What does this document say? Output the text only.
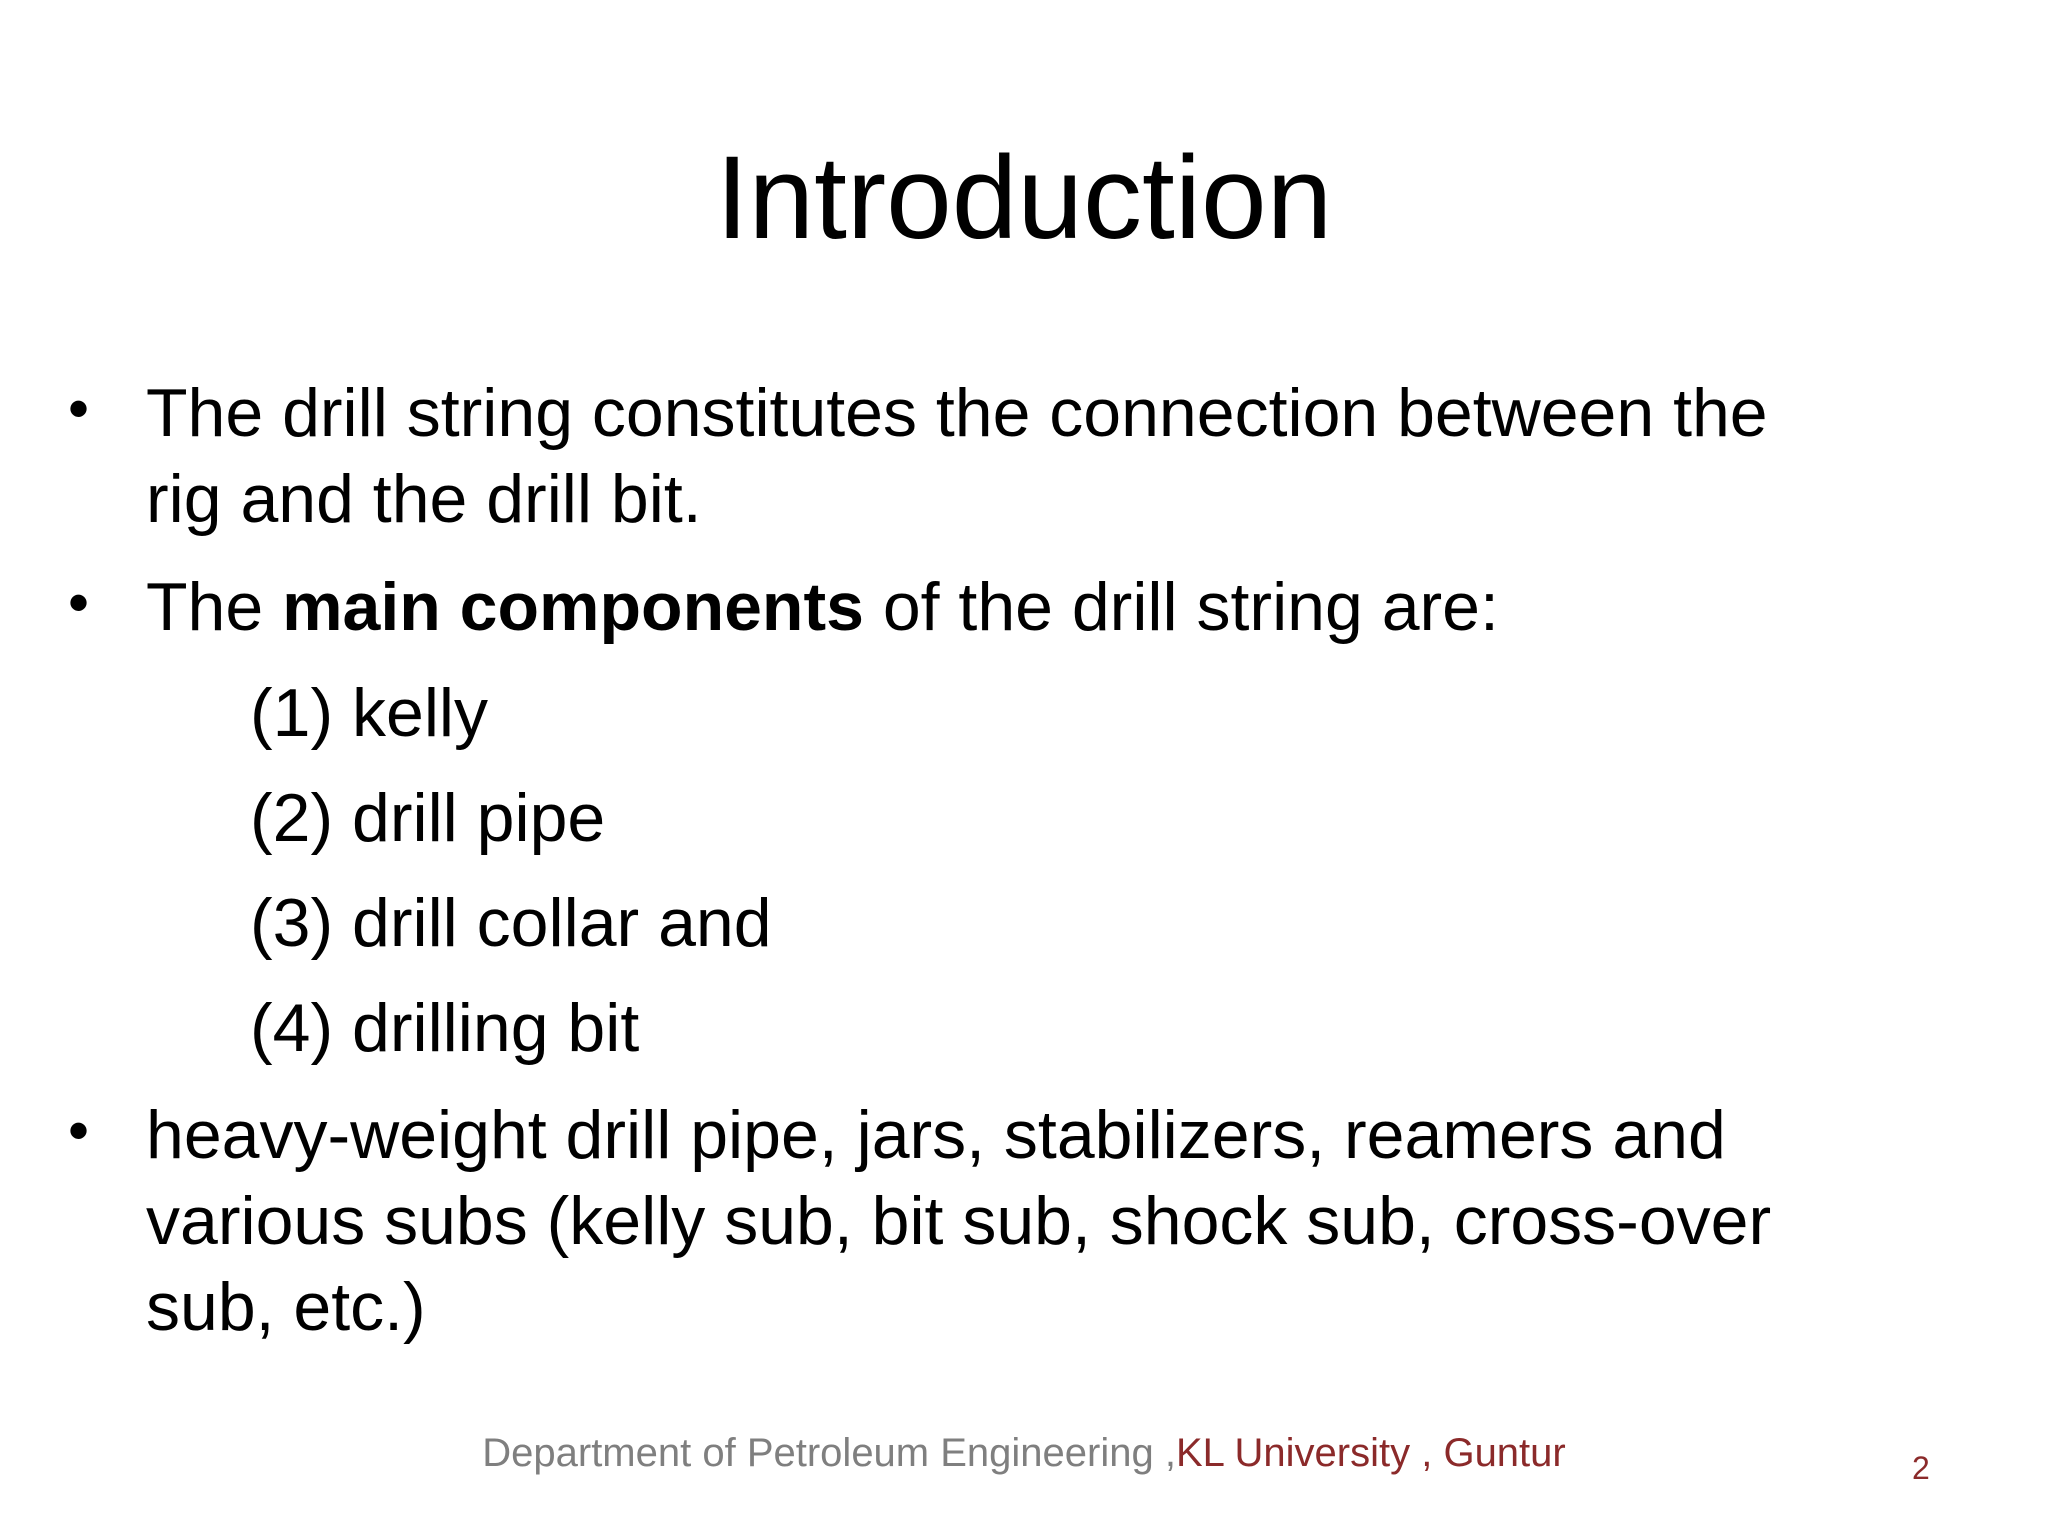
Introduction
• The drill string constitutes the connection between the
rig and the drill bit.
• The main components of the drill string are:
(1) kelly
(2) drill pipe
(3) drill collar and
(4) drilling bit
• heavy-weight drill pipe, jars, stabilizers, reamers and
various subs (kelly sub, bit sub, shock sub, cross-over
sub, etc.)
Department of Petroleum Engineering ,KL University , Guntur	2
